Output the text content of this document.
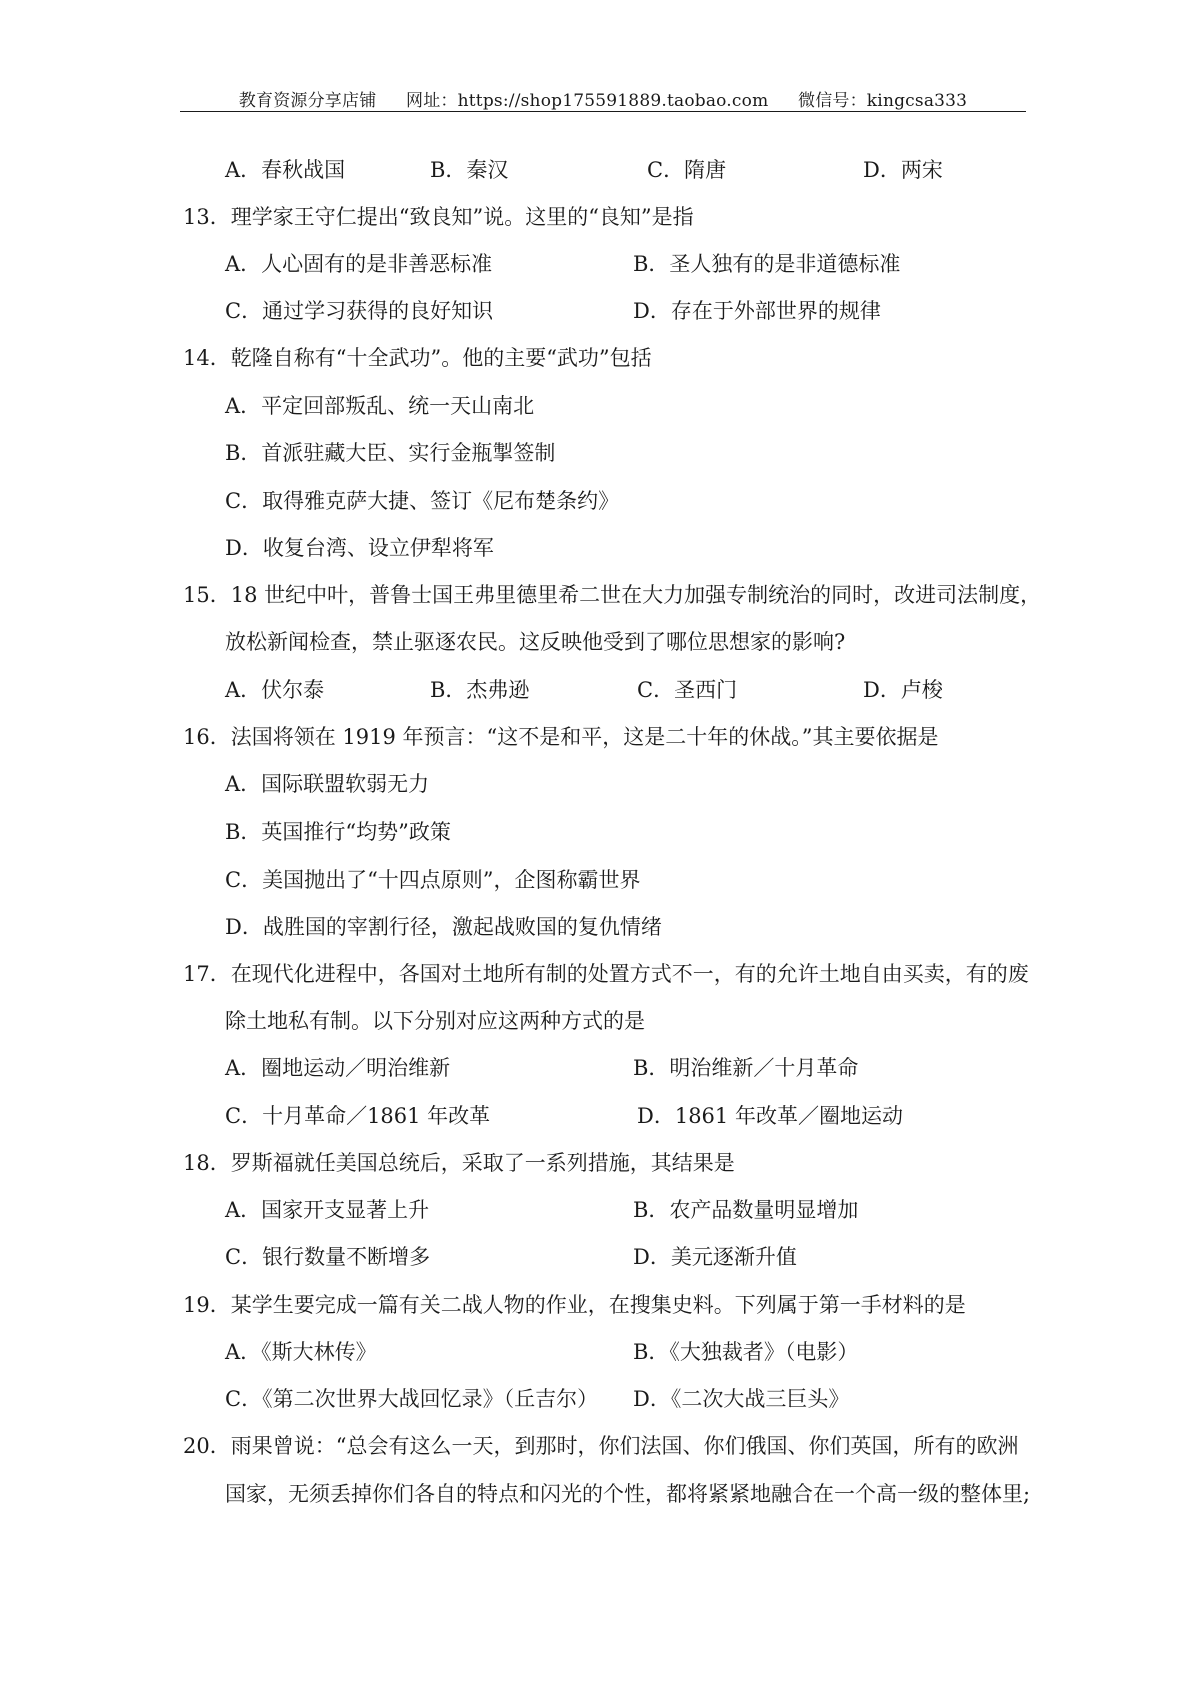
教育资源分享店铺 网址：https://shop175591889.taobao.com 微信号：kingcsa333
A．春秋战国	B．秦汉	C．隋唐	D．两宋
13．理学家王守仁提出“致良知”说。这里的“良知”是指
A．人心固有的是非善恶标准	B．圣人独有的是非道德标准
C．通过学习获得的良好知识	D．存在于外部世界的规律
14．乾隆自称有“十全武功”。他的主要“武功”包括
A．平定回部叛乱、统一天山南北
B．首派驻藏大臣、实行金瓶掣签制
C．取得雅克萨大捷、签订《尼布楚条约》
D．收复台湾、设立伊犁将军
15．18 世纪中叶，普鲁士国王弗里德里希二世在大力加强专制统治的同时，改进司法制度，
放松新闻检查，禁止驱逐农民。这反映他受到了哪位思想家的影响?
A．伏尔泰	B．杰弗逊	C．圣西门	D．卢梭
16．法国将领在 1919 年预言：“这不是和平，这是二十年的休战。”其主要依据是
A．国际联盟软弱无力
B．英国推行“均势”政策
C．美国抛出了“十四点原则”，企图称霸世界
D．战胜国的宰割行径，激起战败国的复仇情绪
17．在现代化进程中，各国对土地所有制的处置方式不一，有的允许土地自由买卖，有的废
除土地私有制。以下分别对应这两种方式的是
A．圈地运动／明治维新	B．明治维新／十月革命
C．十月革命／1861 年改革	D．1861 年改革／圈地运动
18．罗斯福就任美国总统后，采取了一系列措施，其结果是
A．国家开支显著上升	B．农产品数量明显增加
C．银行数量不断增多	D．美元逐渐升值
19．某学生要完成一篇有关二战人物的作业，在搜集史料。下列属于第一手材料的是
A．《斯大林传》	B．《大独裁者》（电影）
C．《第二次世界大战回忆录》（丘吉尔） D．《二次大战三巨头》
20．雨果曾说：“总会有这么一天，到那时，你们法国、你们俄国、你们英国，所有的欧洲
国家，无须丢掉你们各自的特点和闪光的个性，都将紧紧地融合在一个高一级的整体里;
